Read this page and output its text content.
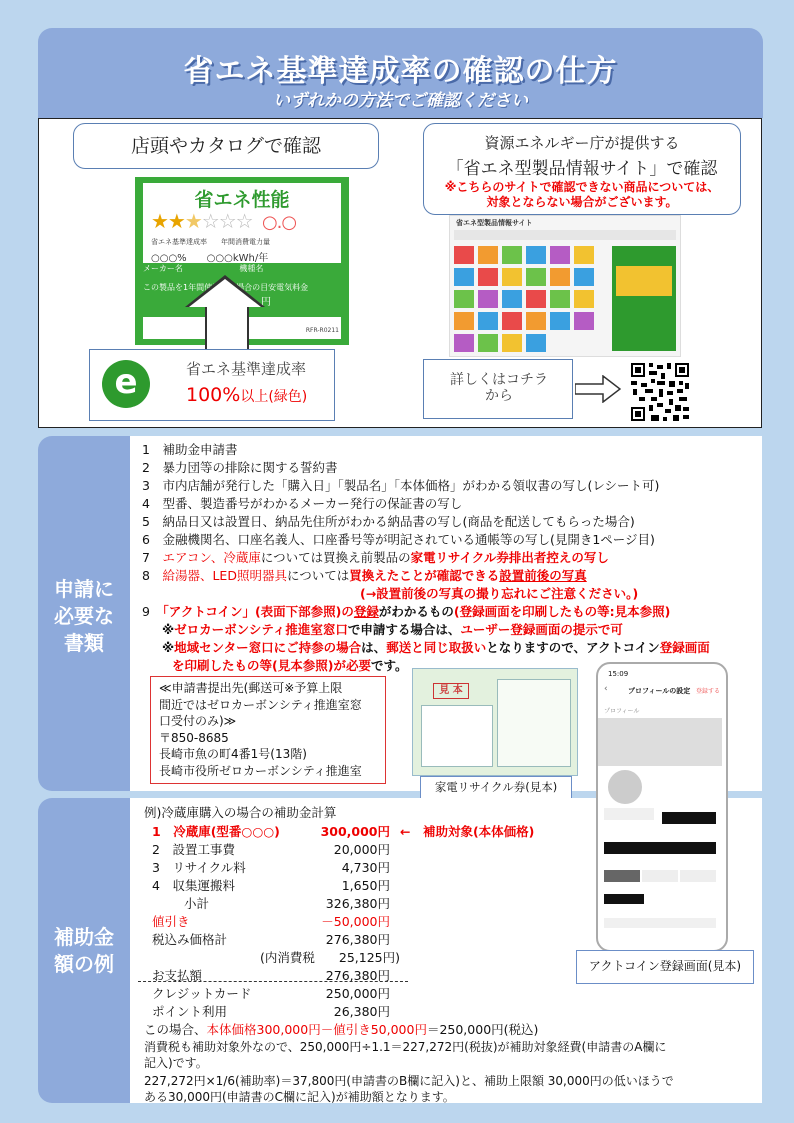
省エネ基準達成率の確認の仕方
いずれかの方法でご確認ください
店頭やカタログで確認
省エネ性能
★★★☆☆☆ ○.○
省エネ基準達成率　　年間消費電力量
○○○%　　○○○kWh/年
メーカー名	機種名
この製品を1年間使用した場合の目安電気料金
円
RFR-R0211
e	省エネ基準達成率
100%以上(緑色)
資源エネルギー庁が提供する
「省エネ型製品情報サイト」で確認
※こちらのサイトで確認できない商品については、
対象とならない場合がございます。
省エネ型製品情報サイト
詳しくはコチラ
から
申請に
必要な
書類
1　補助金申請書
2　暴力団等の排除に関する誓約書
3　市内店舗が発行した「購入日」「製品名」「本体価格」がわかる領収書の写し(レシート可)
4　型番、製造番号がわかるメーカー発行の保証書の写し
5　納品日又は設置日、納品先住所がわかる納品書の写し(商品を配送してもらった場合)
6　金融機関名、口座名義人、口座番号等が明記されている通帳等の写し(見開き1ページ目)
7　エアコン、冷蔵庫については買換え前製品の家電リサイクル券排出者控えの写し
8　給湯器、LED照明器具については買換えたことが確認できる設置前後の写真
(→設置前後の写真の撮り忘れにご注意ください。)
9　「アクトコイン」(表面下部参照)の登録がわかるもの(登録画面を印刷したもの等:見本参照)
※ゼロカーボンシティ推進室窓口で申請する場合は、ユーザー登録画面の提示で可
※地域センター窓口にご持参の場合は、郵送と同じ取扱いとなりますので、アクトコイン登録画面
を印刷したもの等(見本参照)が必要です。
≪申請書提出先(郵送可※予算上限
間近ではゼロカーボンシティ推進室窓
口受付のみ)≫
〒850-8685
長崎市魚の町4番1号(13階)
長崎市役所ゼロカーボンシティ推進室
見 本
家電リサイクル券(見本)
補助金
額の例
例)冷蔵庫購入の場合の補助金計算
1　冷蔵庫(型番○○○)	300,000円 ←　補助対象(本体価格)
2　設置工事費	20,000円
3　リサイクル料	4,730円
4　収集運搬料	1,650円
小計	326,380円
値引き	－50,000円
税込み価格計	276,380円
(内消費税	25,125円)
お支払額	276,380円
クレジットカード	250,000円
ポイント利用	26,380円
この場合、本体価格300,000円－値引き50,000円＝250,000円(税込)
消費税も補助対象外なので、250,000円÷1.1＝227,272円(税抜)が補助対象経費(申請書のA欄に
記入)です。
227,272円×1/6(補助率)＝37,800円(申請書のB欄に記入)と、補助上限額 30,000円の低いほうで
ある30,000円(申請書のC欄に記入)が補助額となります。
15:09
‹	プロフィールの設定 登録する
プロフィール
アクトコイン登録画面(見本)
